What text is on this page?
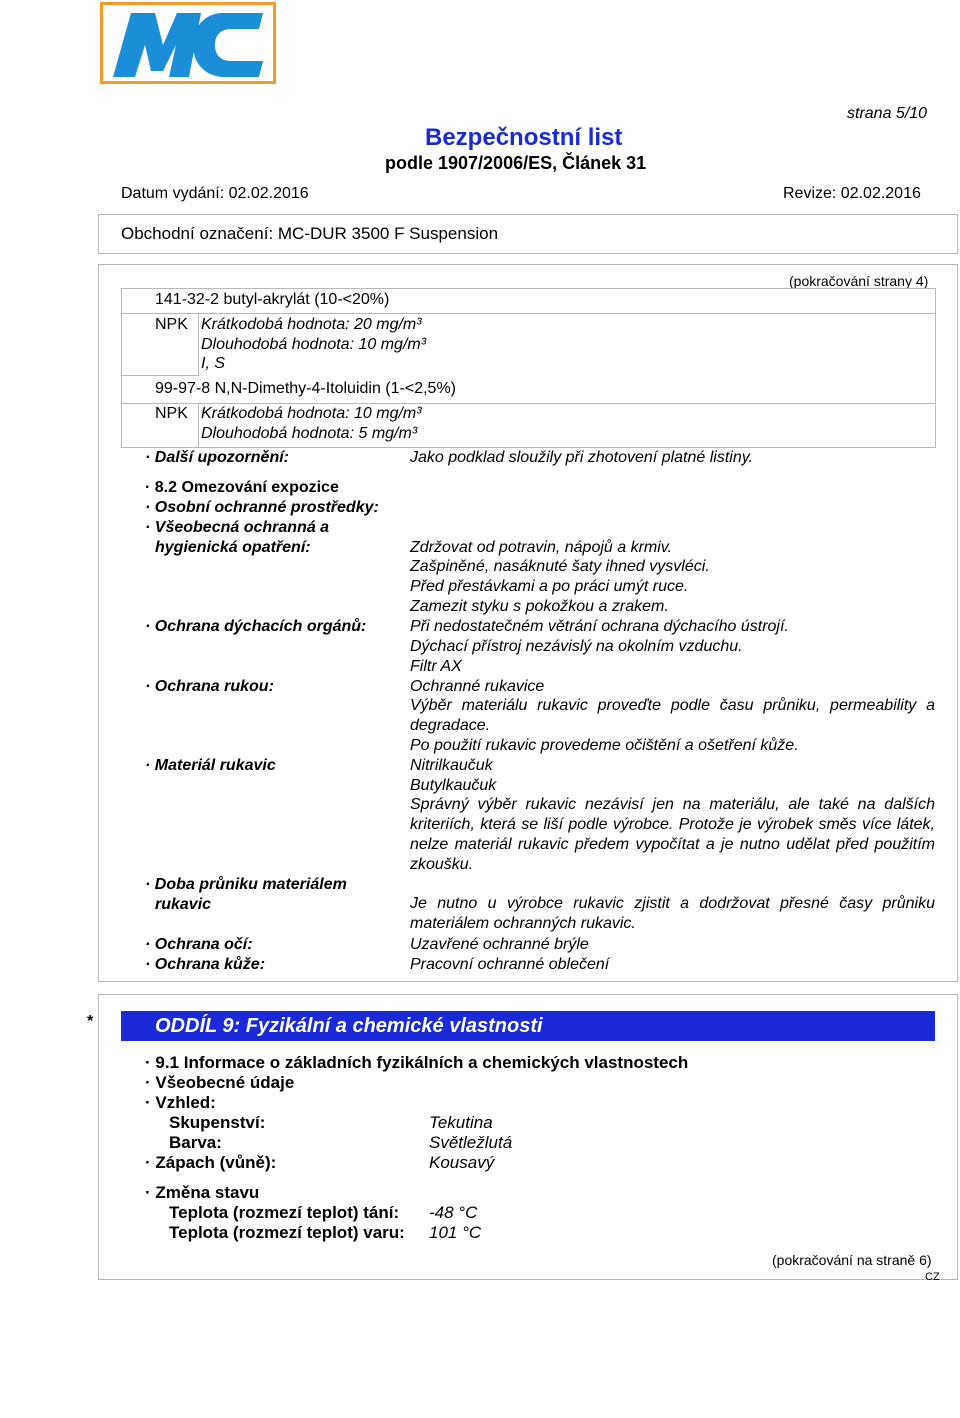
strana 5/10
Bezpečnostní list
podle 1907/2006/ES, Článek 31
Datum vydání: 02.02.2016	Revize: 02.02.2016
Obchodní označení: MC-DUR 3500 F Suspension
(pokračování strany 4)
141-32-2 butyl-akrylát (10-<20%)
NPK Krátkodobá hodnota: 20 mg/m³
Dlouhodobá hodnota: 10 mg/m³
I, S
99-97-8 N,N-Dimethy-4-Itoluidin (1-<2,5%)
NPK Krátkodobá hodnota: 10 mg/m³
Dlouhodobá hodnota: 5 mg/m³
· Další upozornění:	Jako podklad sloužily při zhotovení platné listiny.
· 8.2 Omezování expozice
· Osobní ochranné prostředky:
· Všeobecná ochranná a
hygienická opatření:	Zdržovat od potravin, nápojů a krmiv.
Zašpiněné, nasáknuté šaty ihned vysvléci.
Před přestávkami a po práci umýt ruce.
Zamezit styku s pokožkou a zrakem.
· Ochrana dýchacích orgánů:	Při nedostatečném větrání ochrana dýchacího ústrojí.
Dýchací přístroj nezávislý na okolním vzduchu.
Filtr AX
· Ochrana rukou:	Ochranné rukavice
Výběr materiálu rukavic proveďte podle času průniku, permeability a degradace.
Po použití rukavic provedeme očištění a ošetření kůže.
· Materiál rukavic	Nitrilkaučuk
Butylkaučuk
Správný výběr rukavic nezávisí jen na materiálu, ale také na dalších kriteriích, která se liší podle výrobce. Protože je výrobek směs více látek, nelze materiál rukavic předem vypočítat a je nutno udělat před použitím zkoušku.
· Doba průniku materiálem
rukavic	Je nutno u výrobce rukavic zjistit a dodržovat přesné časy průniku materiálem ochranných rukavic.
· Ochrana očí:	Uzavřené ochranné brýle
· Ochrana kůže:	Pracovní ochranné oblečení
*	ODDÍL 9: Fyzikální a chemické vlastnosti
· 9.1 Informace o základních fyzikálních a chemických vlastnostech
· Všeobecné údaje
· Vzhled:
Skupenství:	Tekutina
Barva:	Světležlutá
· Zápach (vůně):	Kousavý
· Změna stavu
Teplota (rozmezí teplot) tání: -48 °C
Teplota (rozmezí teplot) varu: 101 °C
(pokračování na straně 6)
CZ
